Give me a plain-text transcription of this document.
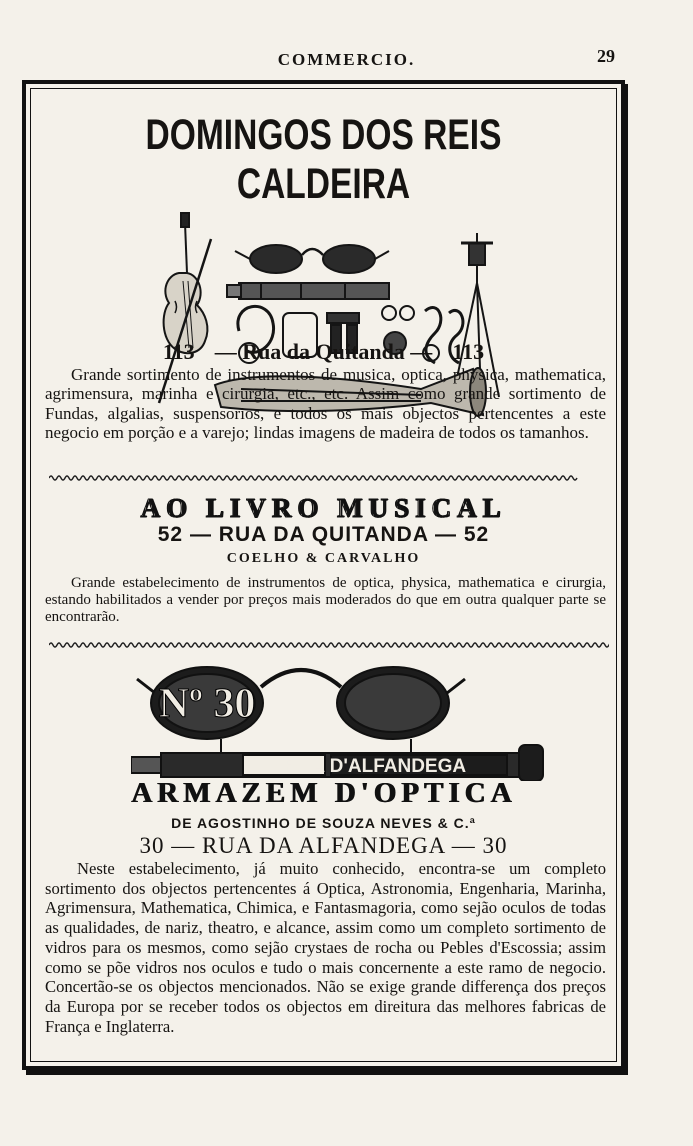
COMMERCIO.	29
DOMINGOS DOS REIS CALDEIRA
113 — Rua da Quitanda — 113
Grande sortimento de instrumentos de musica, optica, physica, mathematica, agrimensura, marinha e cirurgia, etc., etc. Assim como grande sortimento de Fundas, algalias, suspensorios, e todos os mais objectos pertencentes a este negocio em porção e a varejo; lindas imagens de madeira de todos os tamanhos.
AO LIVRO MUSICAL
52 — RUA DA QUITANDA — 52
COELHO & CARVALHO
Grande estabelecimento de instrumentos de optica, physica, mathematica e cirurgia, estando habilitados a vender por preços mais moderados do que em outra qualquer parte se encontrarão.
Nº 30
RUA D'ALFANDEGA
ARMAZEM D'OPTICA
DE AGOSTINHO DE SOUZA NEVES & C.ª
30 — RUA DA ALFANDEGA — 30
Neste estabelecimento, já muito conhecido, encontra-se um completo sortimento dos objectos pertencentes á Optica, Astronomia, Engenharia, Marinha, Agrimensura, Mathematica, Chimica, e Fantasmagoria, como sejão oculos de todas as qualidades, de nariz, theatro, e alcance, assim como um completo sortimento de vidros para os mesmos, como sejão crystaes de rocha ou Pebles d'Escossia; assim como se põe vidros nos oculos e tudo o mais concernente a este ramo de negocio. Concertão-se os objectos mencionados. Não se exige grande differença dos preços da Europa por se receber todos os objectos em direitura das melhores fabricas de França e Inglaterra.
